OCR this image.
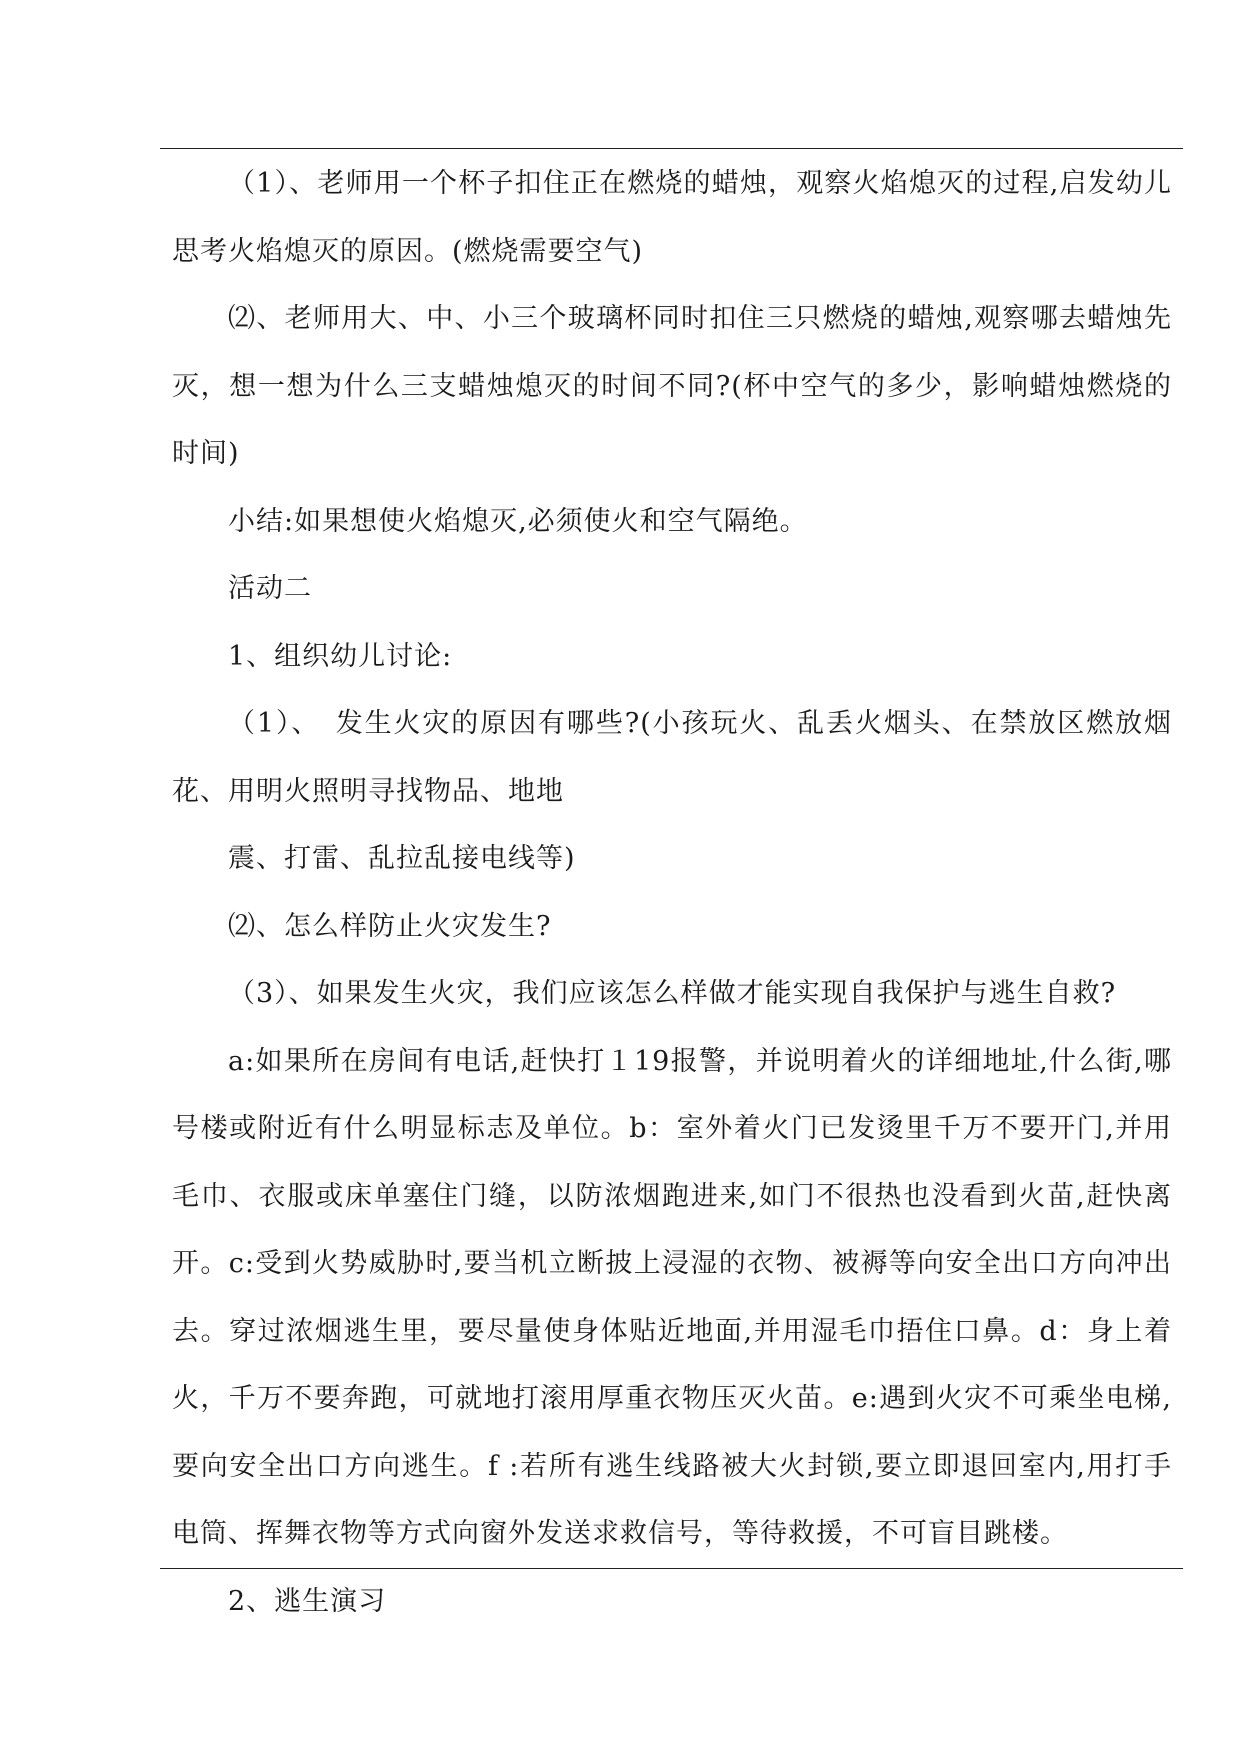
（1）、老师用一个杯子扣住正在燃烧的蜡烛，观察火焰熄灭的过程,启发幼儿思考火焰熄灭的原因。(燃烧需要空气)

⑵、老师用大、中、小三个玻璃杯同时扣住三只燃烧的蜡烛,观察哪去蜡烛先灭，想一想为什么三支蜡烛熄灭的时间不同?(杯中空气的多少，影响蜡烛燃烧的时间)

小结:如果想使火焰熄灭,必须使火和空气隔绝。

活动二

1、组织幼儿讨论:

（1）、　发生火灾的原因有哪些?(小孩玩火、乱丢火烟头、在禁放区燃放烟花、用明火照明寻找物品、地地

震、打雷、乱拉乱接电线等)

⑵、怎么样防止火灾发生?

（3）、如果发生火灾，我们应该怎么样做才能实现自我保护与逃生自救?

a:如果所在房间有电话,赶快打１19报警，并说明着火的详细地址,什么街,哪号楼或附近有什么明显标志及单位。b：室外着火门已发烫里千万不要开门,并用毛巾、衣服或床单塞住门缝，以防浓烟跑进来,如门不很热也没看到火苗,赶快离开。c:受到火势威胁时,要当机立断披上浸湿的衣物、被褥等向安全出口方向冲出去。穿过浓烟逃生里，要尽量使身体贴近地面,并用湿毛巾捂住口鼻。d：身上着火，千万不要奔跑，可就地打滚用厚重衣物压灭火苗。e:遇到火灾不可乘坐电梯,要向安全出口方向逃生。f :若所有逃生线路被大火封锁,要立即退回室内,用打手电筒、挥舞衣物等方式向窗外发送求救信号，等待救援，不可盲目跳楼。

2、逃生演习
